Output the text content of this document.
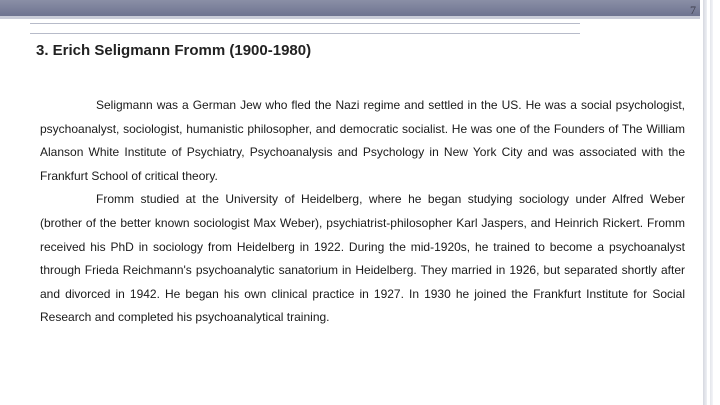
7
3. Erich Seligmann Fromm (1900-1980)

Seligmann was a German Jew who fled the Nazi regime and settled in the US. He was a social psychologist, psychoanalyst, sociologist, humanistic philosopher, and democratic socialist. He was one of the Founders of The William Alanson White Institute of Psychiatry, Psychoanalysis and Psychology in New York City and was associated with the Frankfurt School of critical theory.

Fromm studied at the University of Heidelberg, where he began studying sociology under Alfred Weber (brother of the better known sociologist Max Weber), psychiatrist-philosopher Karl Jaspers, and Heinrich Rickert. Fromm received his PhD in sociology from Heidelberg in 1922. During the mid-1920s, he trained to become a psychoanalyst through Frieda Reichmann's psychoanalytic sanatorium in Heidelberg. They married in 1926, but separated shortly after and divorced in 1942. He began his own clinical practice in 1927. In 1930 he joined the Frankfurt Institute for Social Research and completed his psychoanalytical training.
